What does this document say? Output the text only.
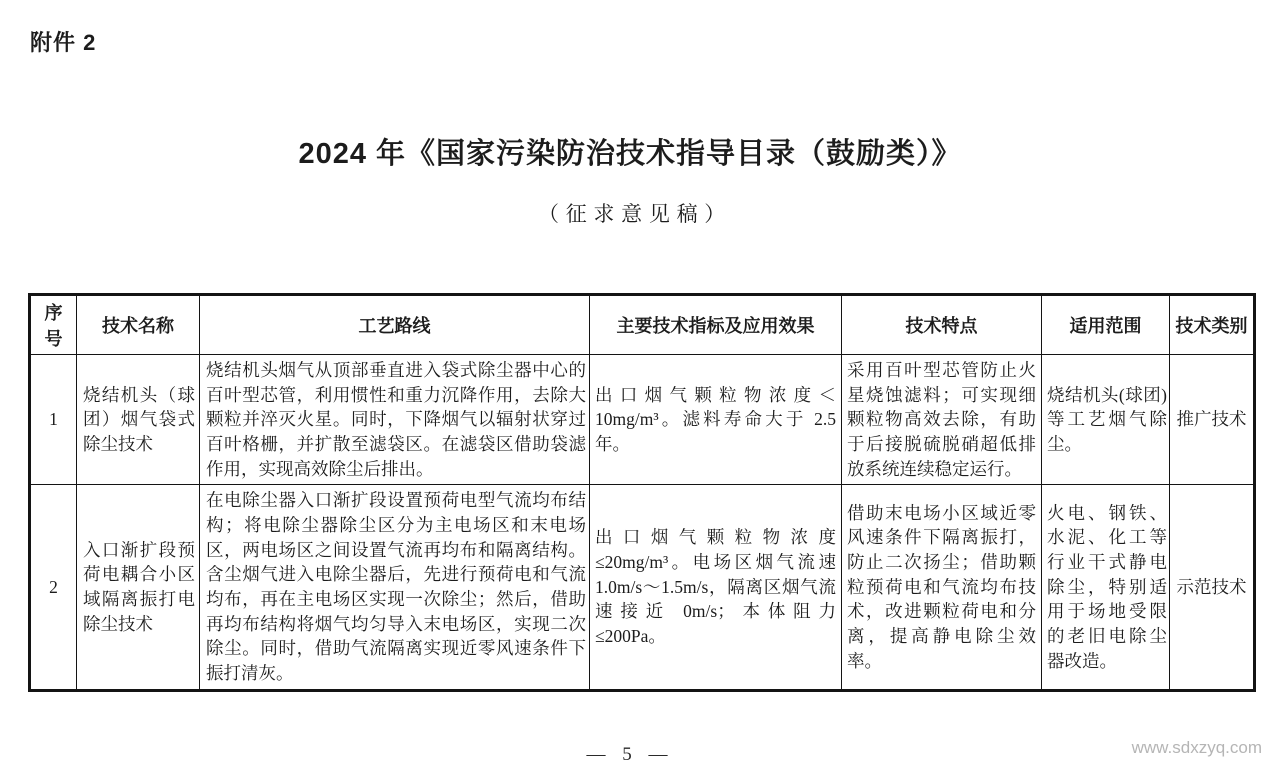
附件 2
2024 年《国家污染防治技术指导目录（鼓励类）》
（征求意见稿）
序号	技术名称	工艺路线	主要技术指标及应用效果	技术特点	适用范围	技术类别
1	烧结机头（球团）烟气袋式除尘技术	烧结机头烟气从顶部垂直进入袋式除尘器中心的百叶型芯管，利用惯性和重力沉降作用，去除大颗粒并淬灭火星。同时，下降烟气以辐射状穿过百叶格栅，并扩散至滤袋区。在滤袋区借助袋滤作用，实现高效除尘后排出。	出口烟气颗粒物浓度＜10mg/m³。滤料寿命大于 2.5 年。	采用百叶型芯管防止火星烧蚀滤料；可实现细颗粒物高效去除，有助于后接脱硫脱硝超低排放系统连续稳定运行。	烧结机头(球团)等工艺烟气除尘。	推广技术
2	入口渐扩段预荷电耦合小区域隔离振打电除尘技术	在电除尘器入口渐扩段设置预荷电型气流均布结构；将电除尘器除尘区分为主电场区和末电场区，两电场区之间设置气流再均布和隔离结构。含尘烟气进入电除尘器后，先进行预荷电和气流均布，再在主电场区实现一次除尘；然后，借助再均布结构将烟气均匀导入末电场区，实现二次除尘。同时，借助气流隔离实现近零风速条件下振打清灰。	出口烟气颗粒物浓度≤20mg/m³。电场区烟气流速 1.0m/s～1.5m/s，隔离区烟气流速接近 0m/s；本体阻力≤200Pa。	借助末电场小区域近零风速条件下隔离振打，防止二次扬尘；借助颗粒预荷电和气流均布技术，改进颗粒荷电和分离，提高静电除尘效率。	火电、钢铁、水泥、化工等行业干式静电除尘，特别适用于场地受限的老旧电除尘器改造。	示范技术
— 5 —	www.sdxzyq.com
